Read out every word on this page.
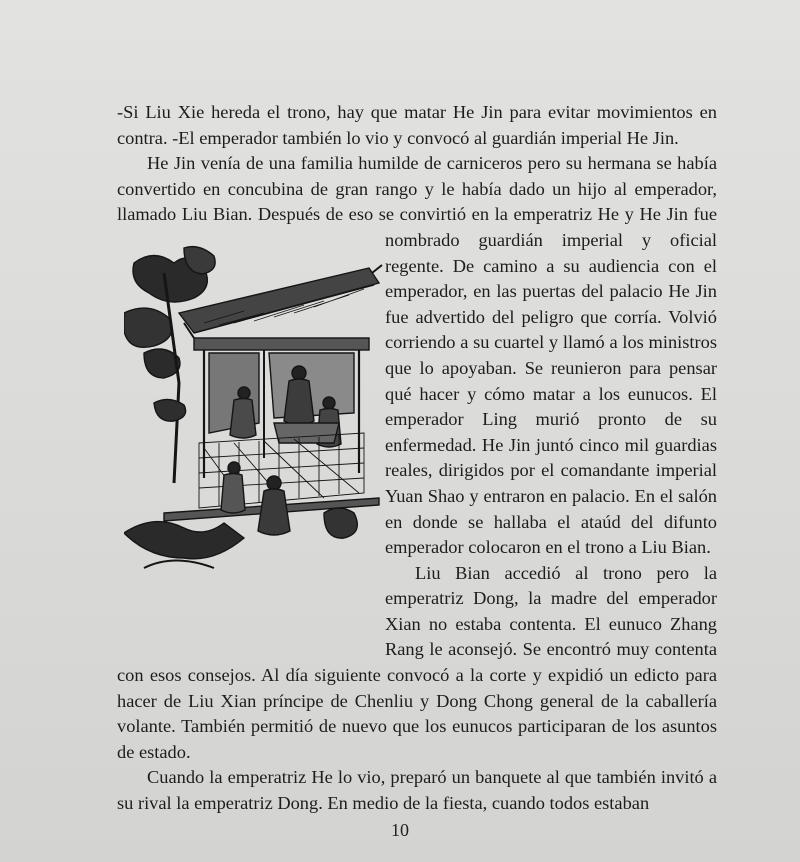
-Si Liu Xie hereda el trono, hay que matar He Jin para evitar movimientos en contra. -El emperador también lo vio y convocó al guardián imperial He Jin.

He Jin venía de una familia humilde de carniceros pero su hermana se había convertido en concubina de gran rango y le había dado un hijo al emperador, llamado Liu Bian. Después de eso se convirtió en la emperatriz He y He Jin fue nombrado guardián imperial y oficial regente. De camino a su audiencia con el emperador, en las puertas del palacio He Jin fue advertido del peligro que corría. Volvió corriendo a su cuartel y llamó a los ministros que lo apoyaban. Se reunieron para pensar qué hacer y cómo matar a los eunucos. El emperador Ling murió pronto de su enfermedad. He Jin juntó cinco mil guardias reales, dirigidos por el comandante imperial Yuan Shao y entraron en palacio. En el salón en donde se hallaba el ataúd del difunto emperador colocaron en el trono a Liu Bian.

Liu Bian accedió al trono pero la emperatriz Dong, la madre del emperador Xian no estaba contenta. El eunuco Zhang Rang le aconsejó. Se encontró muy contenta con esos consejos. Al día siguiente convocó a la corte y expidió un edicto para hacer de Liu Xian príncipe de Chenliu y Dong Chong general de la caballería volante. También permitió de nuevo que los eunucos participaran de los asuntos de estado.

Cuando la emperatriz He lo vio, preparó un banquete al que también invitó a su rival la emperatriz Dong. En medio de la fiesta, cuando todos estaban

10
